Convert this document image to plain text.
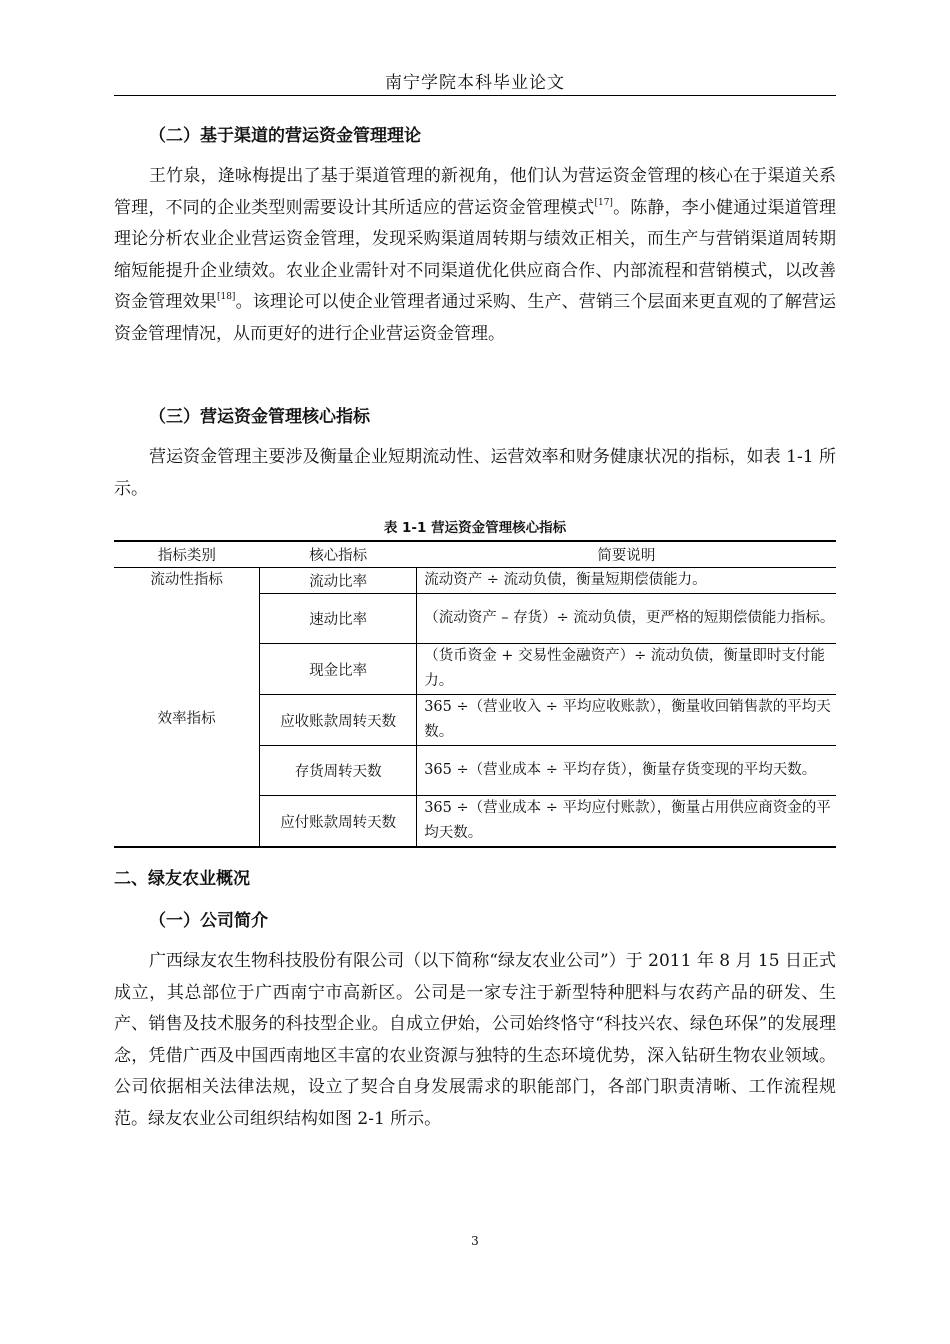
南宁学院本科毕业论文
（二）基于渠道的营运资金管理理论

王竹泉，逄咏梅提出了基于渠道管理的新视角，他们认为营运资金管理的核心在于渠道关系管理，不同的企业类型则需要设计其所适应的营运资金管理模式[17]。陈静，李小健通过渠道管理理论分析农业企业营运资金管理，发现采购渠道周转期与绩效正相关，而生产与营销渠道周转期缩短能提升企业绩效。农业企业需针对不同渠道优化供应商合作、内部流程和营销模式，以改善资金管理效果[18]。该理论可以使企业管理者通过采购、生产、营销三个层面来更直观的了解营运资金管理情况，从而更好的进行企业营运资金管理。

（三）营运资金管理核心指标

营运资金管理主要涉及衡量企业短期流动性、运营效率和财务健康状况的指标，如表 1-1 所示。

表 1-1 营运资金管理核心指标
指标类别	核心指标	简要说明
流动性指标	流动比率	流动资产 ÷ 流动负债，衡量短期偿债能力。
	速动比率	（流动资产 – 存货）÷ 流动负债，更严格的短期偿债能力指标。
	现金比率	（货币资金 + 交易性金融资产）÷ 流动负债，衡量即时支付能力。
效率指标	应收账款周转天数	365 ÷（营业收入 ÷ 平均应收账款），衡量收回销售款的平均天数。
	存货周转天数	365 ÷（营业成本 ÷ 平均存货），衡量存货变现的平均天数。
	应付账款周转天数	365 ÷（营业成本 ÷ 平均应付账款），衡量占用供应商资金的平均天数。
二、绿友农业概况
（一）公司简介

广西绿友农生物科技股份有限公司（以下简称“绿友农业公司”）于 2011 年 8 月 15 日正式成立，其总部位于广西南宁市高新区。公司是一家专注于新型特种肥料与农药产品的研发、生产、销售及技术服务的科技型企业。自成立伊始，公司始终恪守“科技兴农、绿色环保”的发展理念，凭借广西及中国西南地区丰富的农业资源与独特的生态环境优势，深入钻研生物农业领域。公司依据相关法律法规，设立了契合自身发展需求的职能部门，各部门职责清晰、工作流程规范。绿友农业公司组织结构如图 2-1 所示。

3
